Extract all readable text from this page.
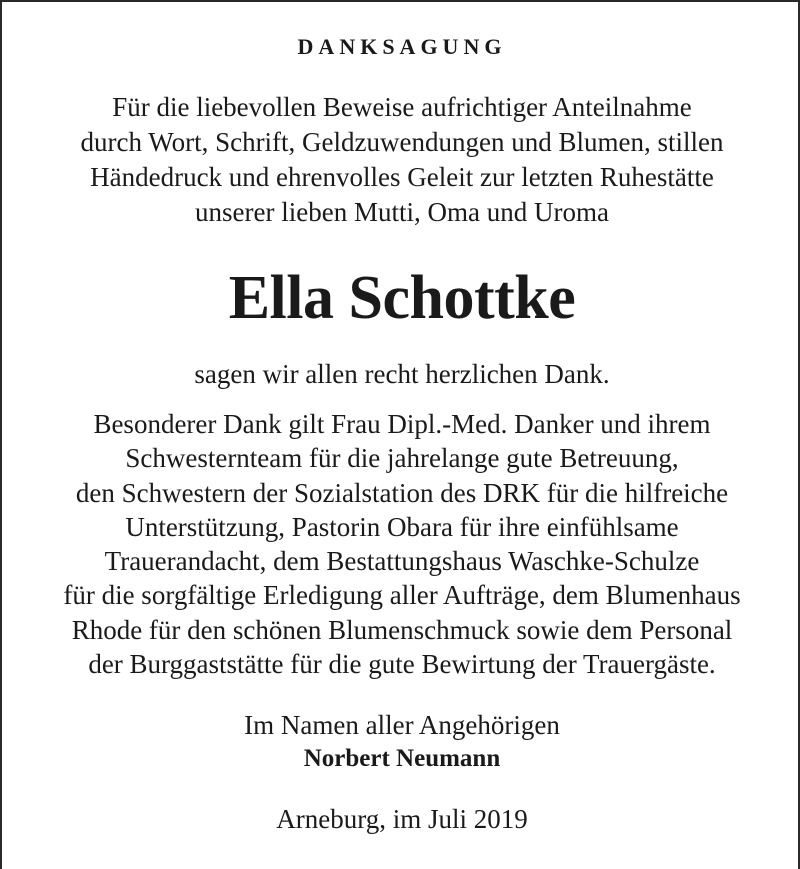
DANKSAGUNG
Für die liebevollen Beweise aufrichtiger Anteilnahme
durch Wort, Schrift, Geldzuwendungen und Blumen, stillen
Händedruck und ehrenvolles Geleit zur letzten Ruhestätte
unserer lieben Mutti, Oma und Uroma
Ella Schottke
sagen wir allen recht herzlichen Dank.
Besonderer Dank gilt Frau Dipl.-Med. Danker und ihrem
Schwesternteam für die jahrelange gute Betreuung,
den Schwestern der Sozialstation des DRK für die hilfreiche
Unterstützung, Pastorin Obara für ihre einfühlsame
Trauerandacht, dem Bestattungshaus Waschke-Schulze
für die sorgfältige Erledigung aller Aufträge, dem Blumenhaus
Rhode für den schönen Blumenschmuck sowie dem Personal
der Burggaststätte für die gute Bewirtung der Trauergäste.
Im Namen aller Angehörigen
Norbert Neumann
Arneburg, im Juli 2019
